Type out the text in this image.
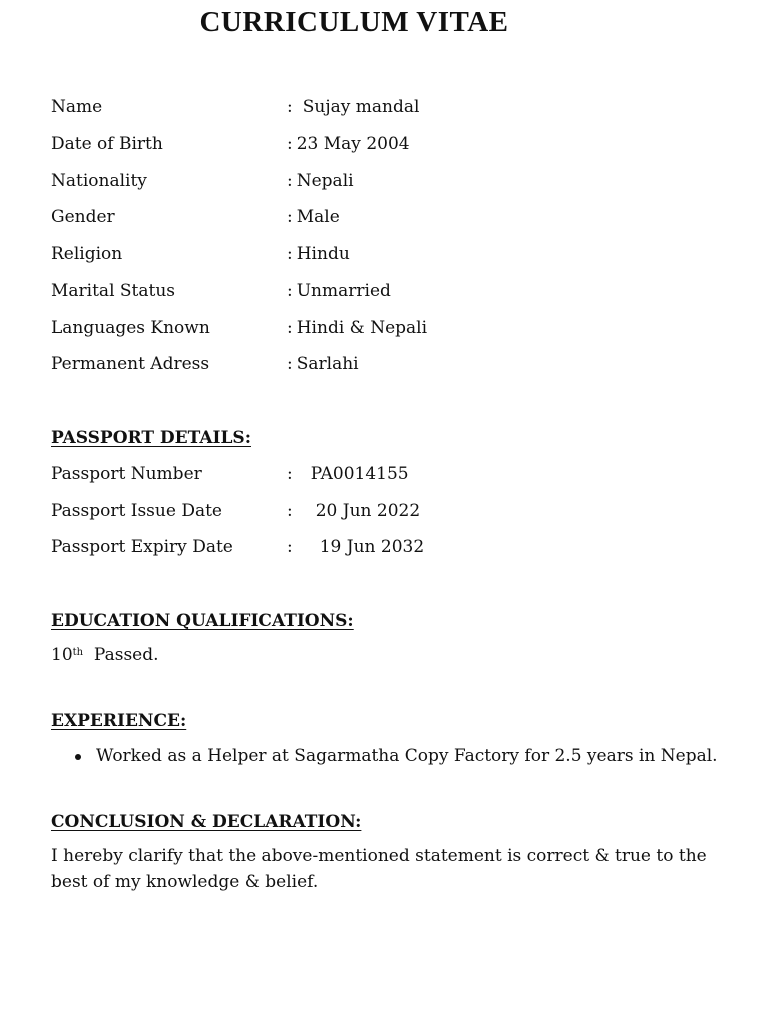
CURRICULUM VITAE
Name	: Sujay mandal
Date of Birth	: 23 May 2004
Nationality	: Nepali
Gender	: Male
Religion	: Hindu
Marital Status	: Unmarried
Languages Known	: Hindi & Nepali
Permanent Adress	: Sarlahi
PASSPORT DETAILS:
Passport Number	: PA0014155
Passport Issue Date	: 20 Jun 2022
Passport Expiry Date	: 19 Jun 2032
EDUCATION QUALIFICATIONS:

10th Passed.

EXPERIENCE:
Worked as a Helper at Sagarmatha Copy Factory for 2.5 years in Nepal.
CONCLUSION & DECLARATION:

I hereby clarify that the above-mentioned statement is correct & true to the best of my knowledge & belief.
